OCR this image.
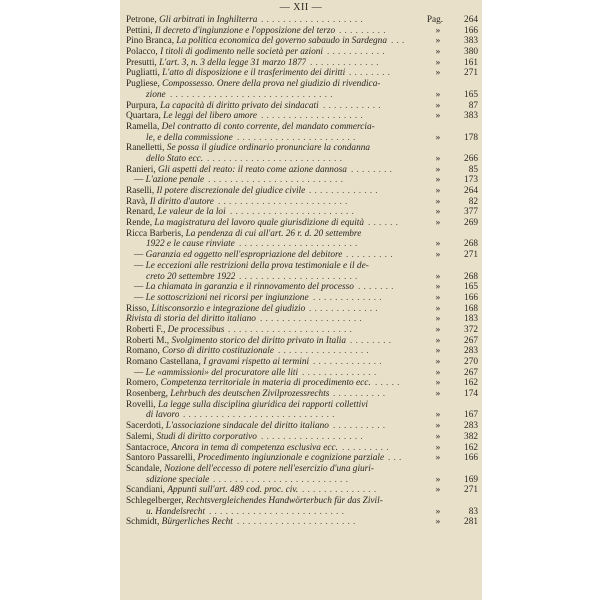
— XII —
Petrone, Gli arbitrati in Inghilterra ...................	Pag.	264
Pettini, Il decreto d'ingiunzione e l'opposizione del terzo .........	»	166
Pino Branca, La politica economica del governo sabaudo in Sardegna ...	»	383
Polacco, I titoli di godimento nelle società per azioni ...........	»	380
Presutti, L'art. 3, n. 3 della legge 31 marzo 1877 .............	»	161
Pugliatti, L'atto di disposizione e il trasferimento dei diritti ........	»	271
Pugliese, Compossesso. Onere della prova nel giudizio di rivendica-
zione ..............................	»	165
Purpura, La capacità di diritto privato dei sindacati ...........	»	87
Quartara, Le leggi del libero amore ...................	»	383
Ramella, Del contratto di conto corrente, del mandato commercia-
le, e della commissione ......................	»	178
Ranelletti, Se possa il giudice ordinario pronunciare la condanna
dello Stato ecc. .........................	»	266
Ranieri, Gli aspetti del reato: il reato come azione dannosa ........	»	85
— L'azione penale .........................	»	173
Raselli, Il potere discrezionale del giudice civile .............	»	264
Ravà, Il diritto d'autore ........................	»	82
Renard, Le valeur de la loi .......................	»	377
Rende, La magistratura del lavoro quale giurisdizione di equità ......	»	269
Ricca Barberis, La pendenza di cui all'art. 26 r. d. 20 settembre
1922 e le cause rinviate ......................	»	268
— Garanzia ed oggetto nell'espropriazione del debitore .........	»	271
— Le eccezioni alle restrizioni della prova testimoniale e il de-
creto 20 settembre 1922 ......................	»	268
— La chiamata in garanzia e il rinnovamento del processo .......	»	165
— Le sottoscrizioni nei ricorsi per ingiunzione .............	»	166
Risso, Litisconsorzio e integrazione del giudizio .............	»	168
Rivista di storia del diritto italiano ...................	»	183
Roberti F., De processibus .......................	»	372
Roberti M., Svolgimento storico del diritto privato in Italia ........	»	267
Romano, Corso di diritto costituzionale .................	»	283
Romano Castellana, I gravami rispetto ai termini .............	»	270
— Le «ammissioni» del procuratore alle liti ..............	»	267
Romero, Competenza territoriale in materia di procedimento ecc. .....	»	162
Rosenberg, Lehrbuch des deutschen Zivilprozessrechts ..........	»	174
Rovelli, La legge sulla disciplina giuridica dei rapporti collettivi
di lavoro ............................	»	167
Sacerdoti, L'associazione sindacale del diritto italiano ..........	»	283
Salemi, Studi di diritto corporativo ...................	»	382
Santacroce, Ancora in tema di competenza esclusiva ecc. .........	»	162
Santoro Passarelli, Procedimento ingiunzionale e cognizione parziale ...	»	166
Scandale, Nozione dell'eccesso di potere nell'esercizio d'una giuri-
sdizione speciale .........................	»	169
Scandiani, Appunti sull'art. 489 cod. proc. civ. ..............	»	271
Schlegelberger, Rechtsvergleichendes Handwörterbuch für das Zivil-
u. Handelsrecht .........................	»	83
Schmidt, Bürgerliches Recht ......................	»	281
